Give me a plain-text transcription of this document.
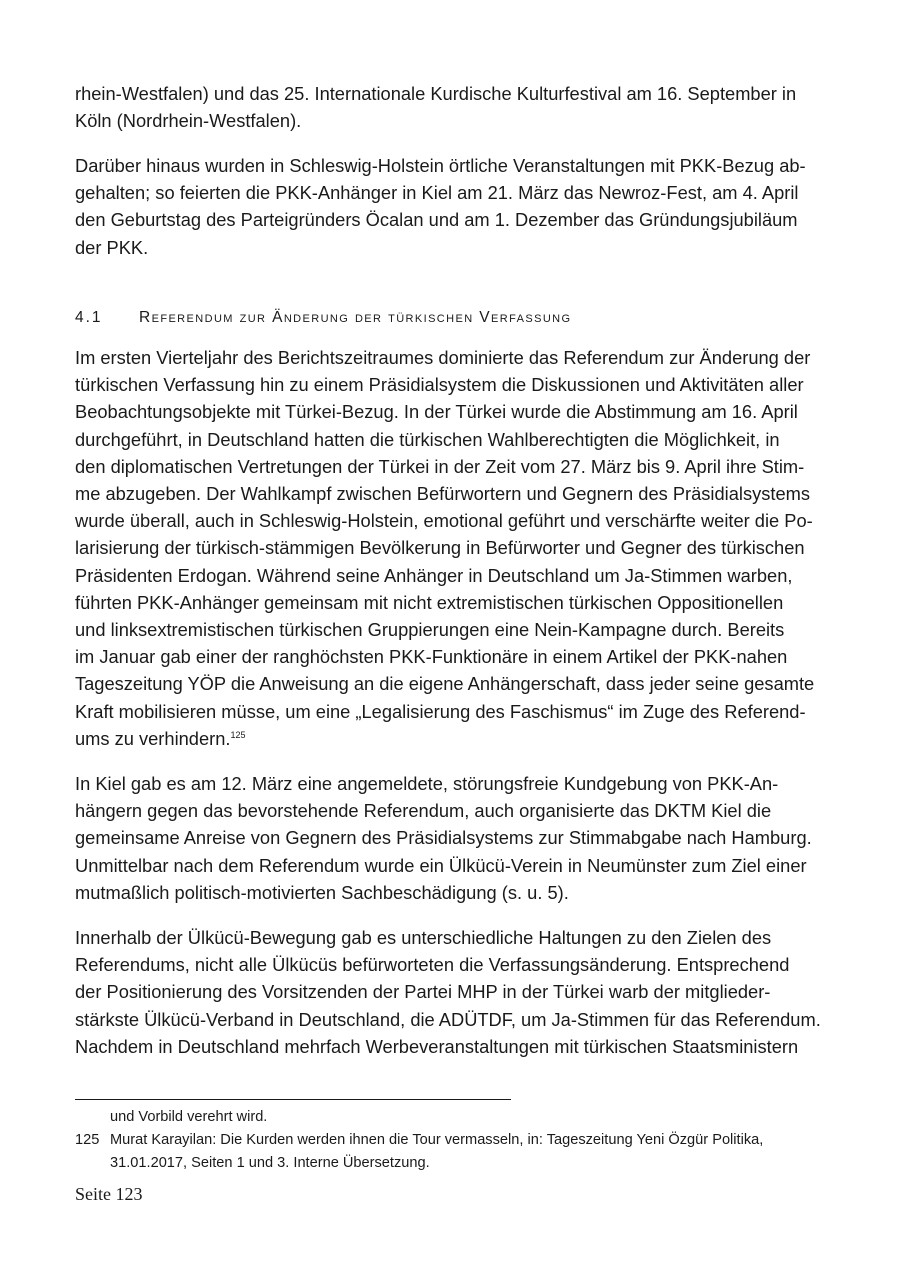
rhein-Westfalen) und das 25. Internationale Kurdische Kulturfestival am 16. September in
Köln (Nordrhein-Westfalen).
Darüber hinaus wurden in Schleswig-Holstein örtliche Veranstaltungen mit PKK-Bezug ab-
gehalten; so feierten die PKK-Anhänger in Kiel am 21. März das Newroz-Fest, am 4. April
den Geburtstag des Parteigründers Öcalan und am 1. Dezember das Gründungsjubiläum
der PKK.
4.1 Referendum zur Änderung der türkischen Verfassung
Im ersten Vierteljahr des Berichtszeitraumes dominierte das Referendum zur Änderung der
türkischen Verfassung hin zu einem Präsidialsystem die Diskussionen und Aktivitäten aller
Beobachtungsobjekte mit Türkei-Bezug. In der Türkei wurde die Abstimmung am 16. April
durchgeführt, in Deutschland hatten die türkischen Wahlberechtigten die Möglichkeit, in
den diplomatischen Vertretungen der Türkei in der Zeit vom 27. März bis 9. April ihre Stim-
me abzugeben. Der Wahlkampf zwischen Befürwortern und Gegnern des Präsidialsystems
wurde überall, auch in Schleswig-Holstein, emotional geführt und verschärfte weiter die Po-
larisierung der türkisch-stämmigen Bevölkerung in Befürworter und Gegner des türkischen
Präsidenten Erdogan. Während seine Anhänger in Deutschland um Ja-Stimmen warben,
führten PKK-Anhänger gemeinsam mit nicht extremistischen türkischen Oppositionellen
und linksextremistischen türkischen Gruppierungen eine Nein-Kampagne durch. Bereits
im Januar gab einer der ranghöchsten PKK-Funktionäre in einem Artikel der PKK-nahen
Tageszeitung YÖP die Anweisung an die eigene Anhängerschaft, dass jeder seine gesamte
Kraft mobilisieren müsse, um eine „Legalisierung des Faschismus“ im Zuge des Referend-
ums zu verhindern.$^{125}$
In Kiel gab es am 12. März eine angemeldete, störungsfreie Kundgebung von PKK-An-
hängern gegen das bevorstehende Referendum, auch organisierte das DKTM Kiel die
gemeinsame Anreise von Gegnern des Präsidialsystems zur Stimmabgabe nach Hamburg.
Unmittelbar nach dem Referendum wurde ein Ülkücü-Verein in Neumünster zum Ziel einer
mutmaßlich politisch-motivierten Sachbeschädigung (s. u. 5).
Innerhalb der Ülkücü-Bewegung gab es unterschiedliche Haltungen zu den Zielen des
Referendums, nicht alle Ülkücüs befürworteten die Verfassungsänderung. Entsprechend
der Positionierung des Vorsitzenden der Partei MHP in der Türkei warb der mitglieder-
stärkste Ülkücü-Verband in Deutschland, die ADÜTDF, um Ja-Stimmen für das Referendum.
Nachdem in Deutschland mehrfach Werbeveranstaltungen mit türkischen Staatsministern
und Vorbild verehrt wird.
125 Murat Karayilan: Die Kurden werden ihnen die Tour vermasseln, in: Tageszeitung Yeni Özgür Politika,
31.01.2017, Seiten 1 und 3. Interne Übersetzung.
Seite 123
